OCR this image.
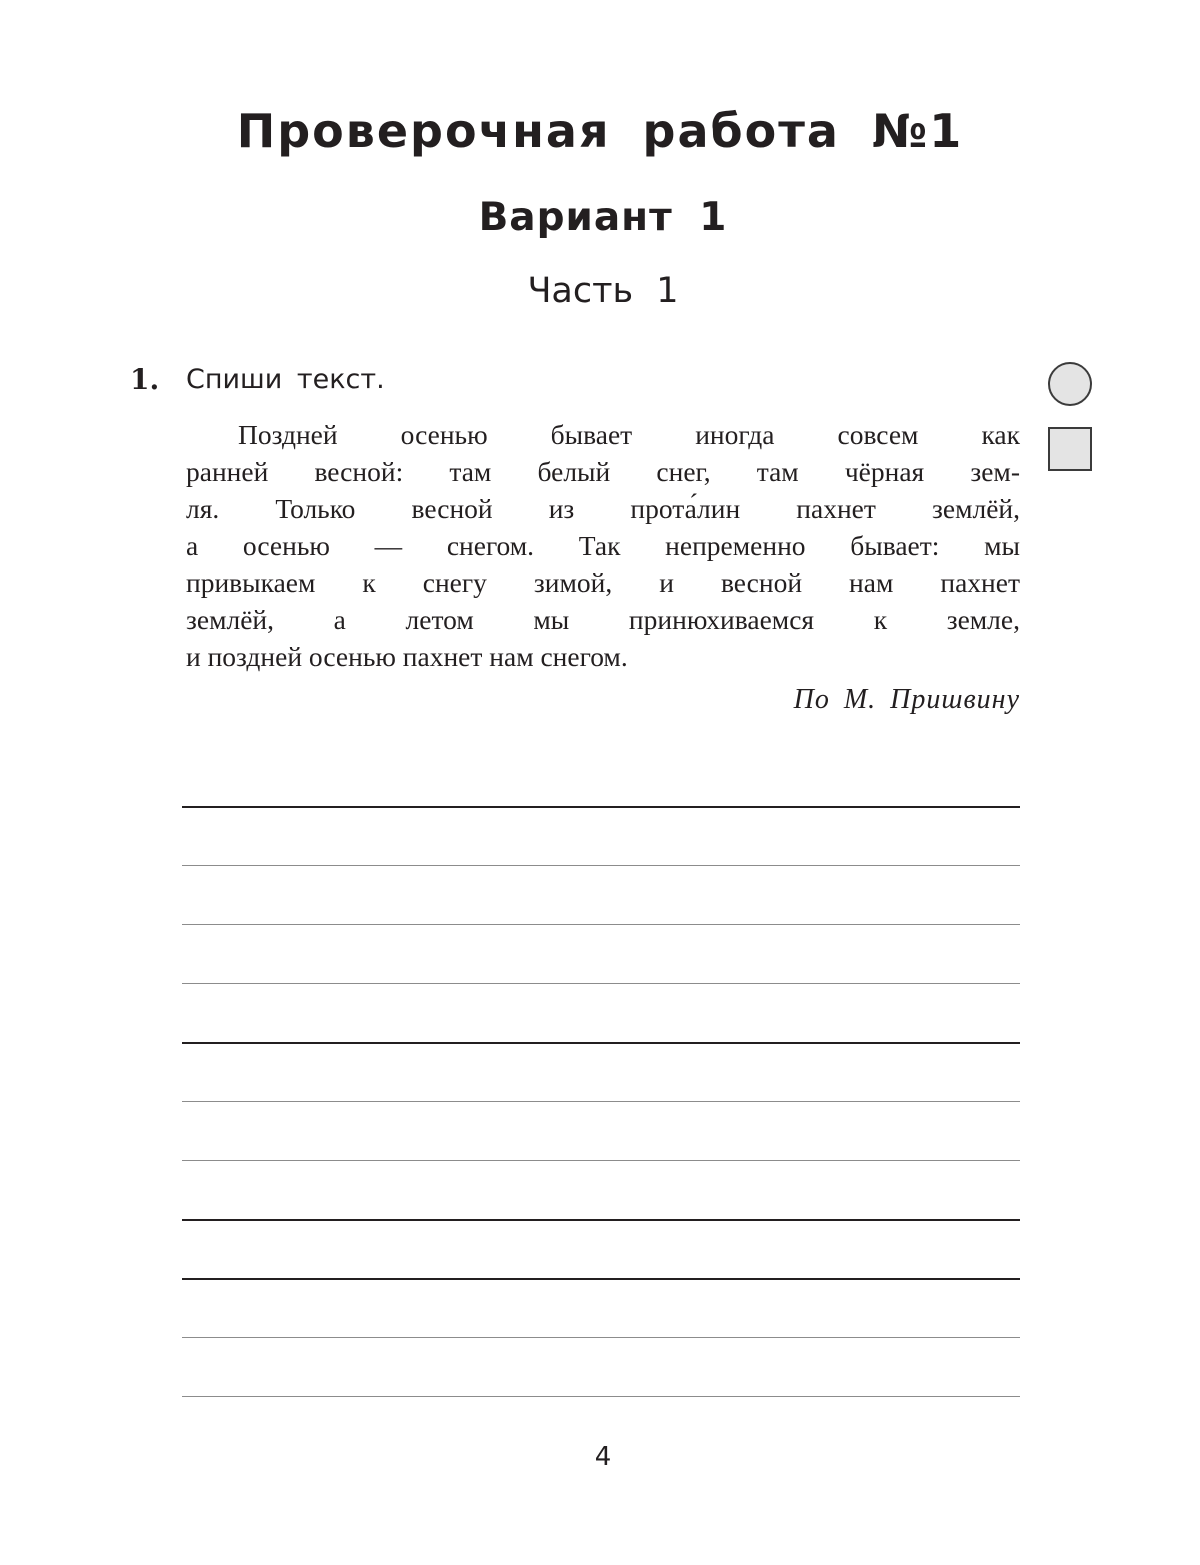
Проверочная работа №1
Вариант 1
Часть 1
1. Спиши текст.
Поздней осенью бывает иногда совсем как
ранней весной: там белый снег, там чёрная зем-
ля. Только весной из прота́лин пахнет землёй,
а осенью — снегом. Так непременно бывает: мы
привыкаем к снегу зимой, и весной нам пахнет
землёй, а летом мы принюхиваемся к земле,
и поздней осенью пахнет нам снегом.
По М. Пришвину
4
